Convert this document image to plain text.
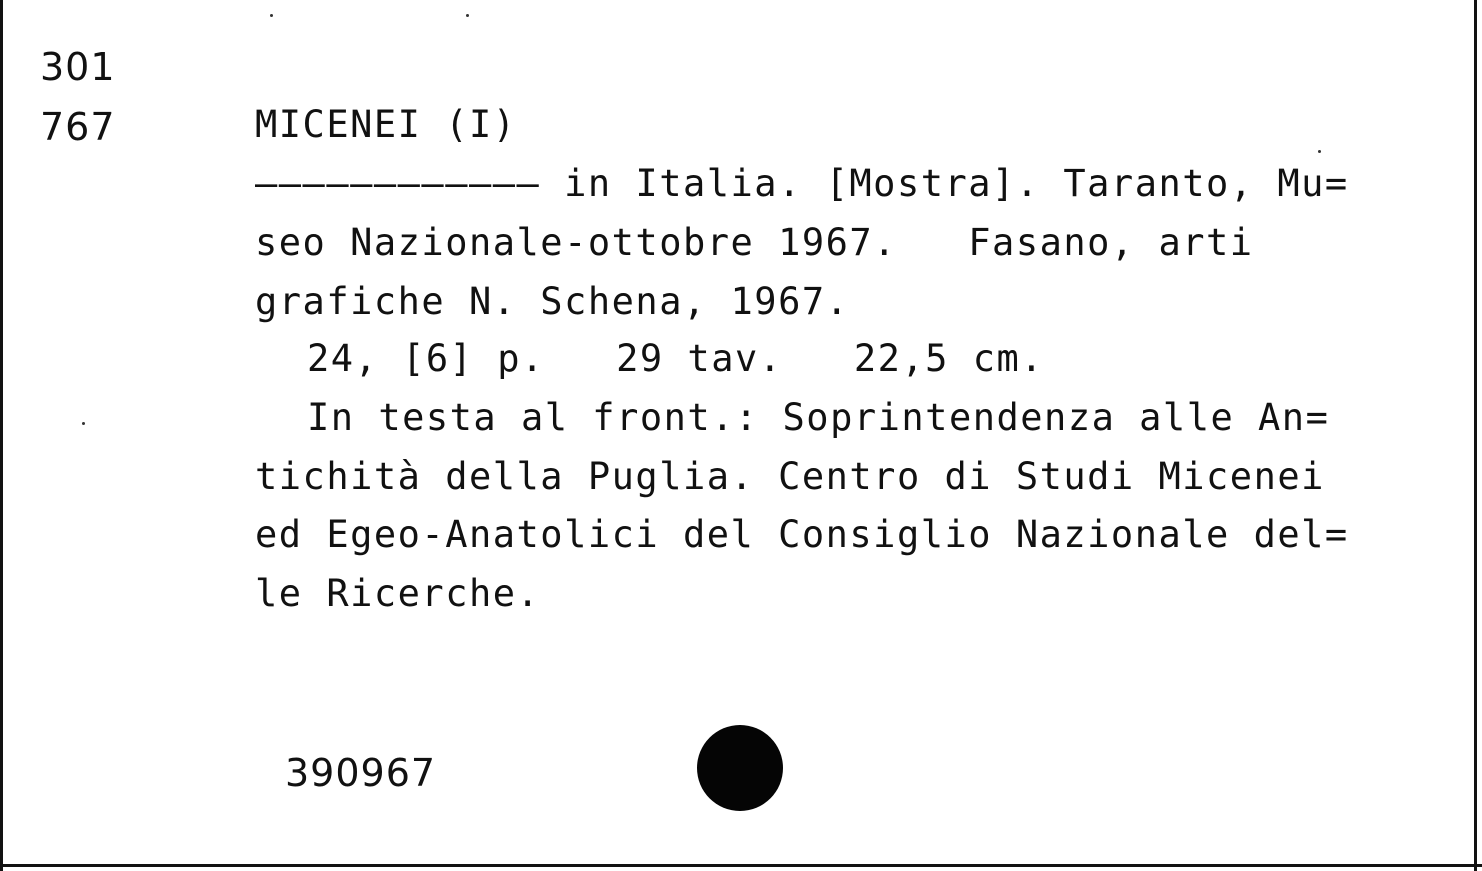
301
767	MICENEI (I)
———————————— in Italia. [Mostra]. Taranto, Mu=
seo Nazionale-ottobre 1967.   Fasano, arti
grafiche N. Schena, 1967.
24, [6] p.   29 tav.   22,5 cm.
In testa al front.: Soprintendenza alle An=
tichità della Puglia. Centro di Studi Micenei
ed Egeo-Anatolici del Consiglio Nazionale del=
le Ricerche.
390967
